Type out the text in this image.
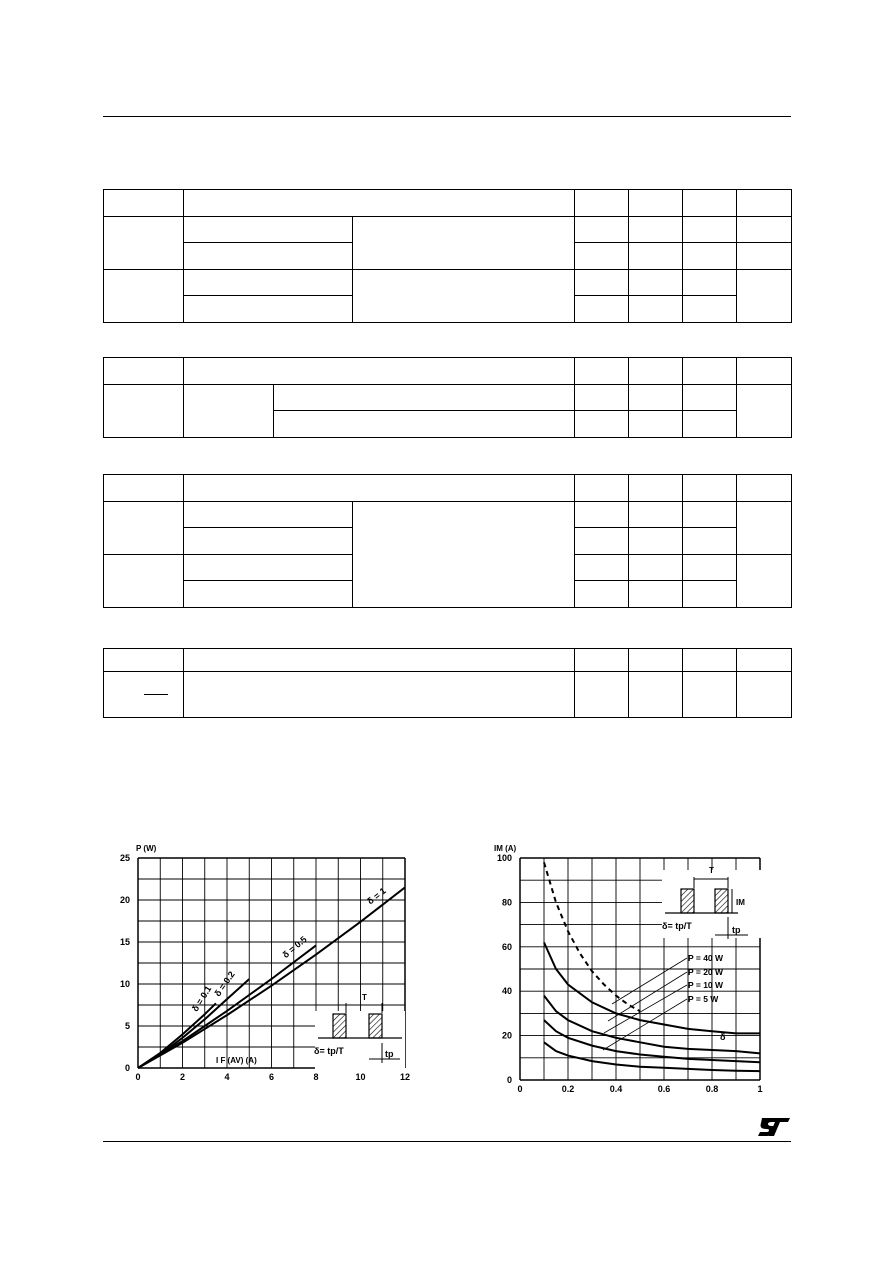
0	2	4	6	8	10	12
0
5
10
15
20
25
δ = 0.1
δ = 0.2
δ = 0.5
δ = 1
P (W)
I F (AV) (A)
T
δ= tp/T	tp
0	0.2	0.4	0.6	0.8	1
0
20
40
60
80
100
IM (A)
P = 40 W
P = 20 W
P = 10 W
P = 5 W
δ
T
IM
δ= tp/T	tp
